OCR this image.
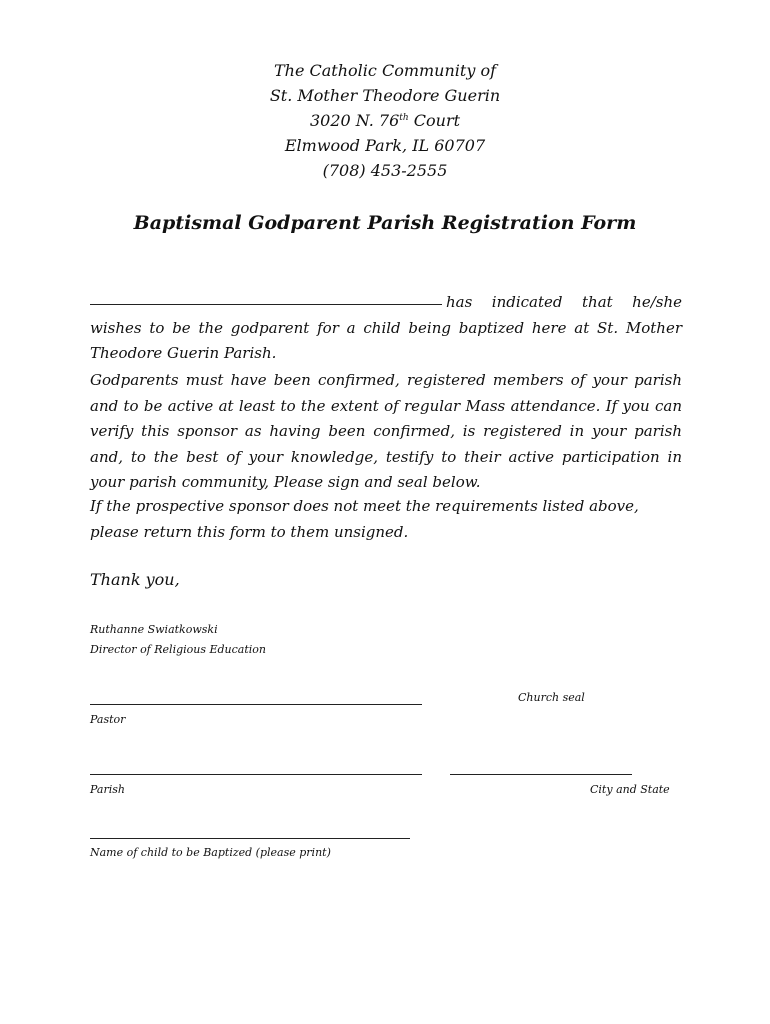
The Catholic Community of
St. Mother Theodore Guerin
3020 N. 76th Court
Elmwood Park, IL 60707
(708) 453-2555
Baptismal Godparent Parish Registration Form
has indicated that he/she wishes to be the godparent for a child being baptized here at St. Mother Theodore Guerin Parish.
Godparents must have been confirmed, registered members of your parish and to be active at least to the extent of regular Mass attendance. If you can verify this sponsor as having been confirmed, is registered in your parish and, to the best of your knowledge, testify to their active participation in your parish community, Please sign and seal below.
If the prospective sponsor does not meet the requirements listed above, please return this form to them unsigned.
Thank you,
Ruthanne Swiatkowski
Director of Religious Education
Church seal
Pastor
Parish	City and State
Name of child to be Baptized (please print)
